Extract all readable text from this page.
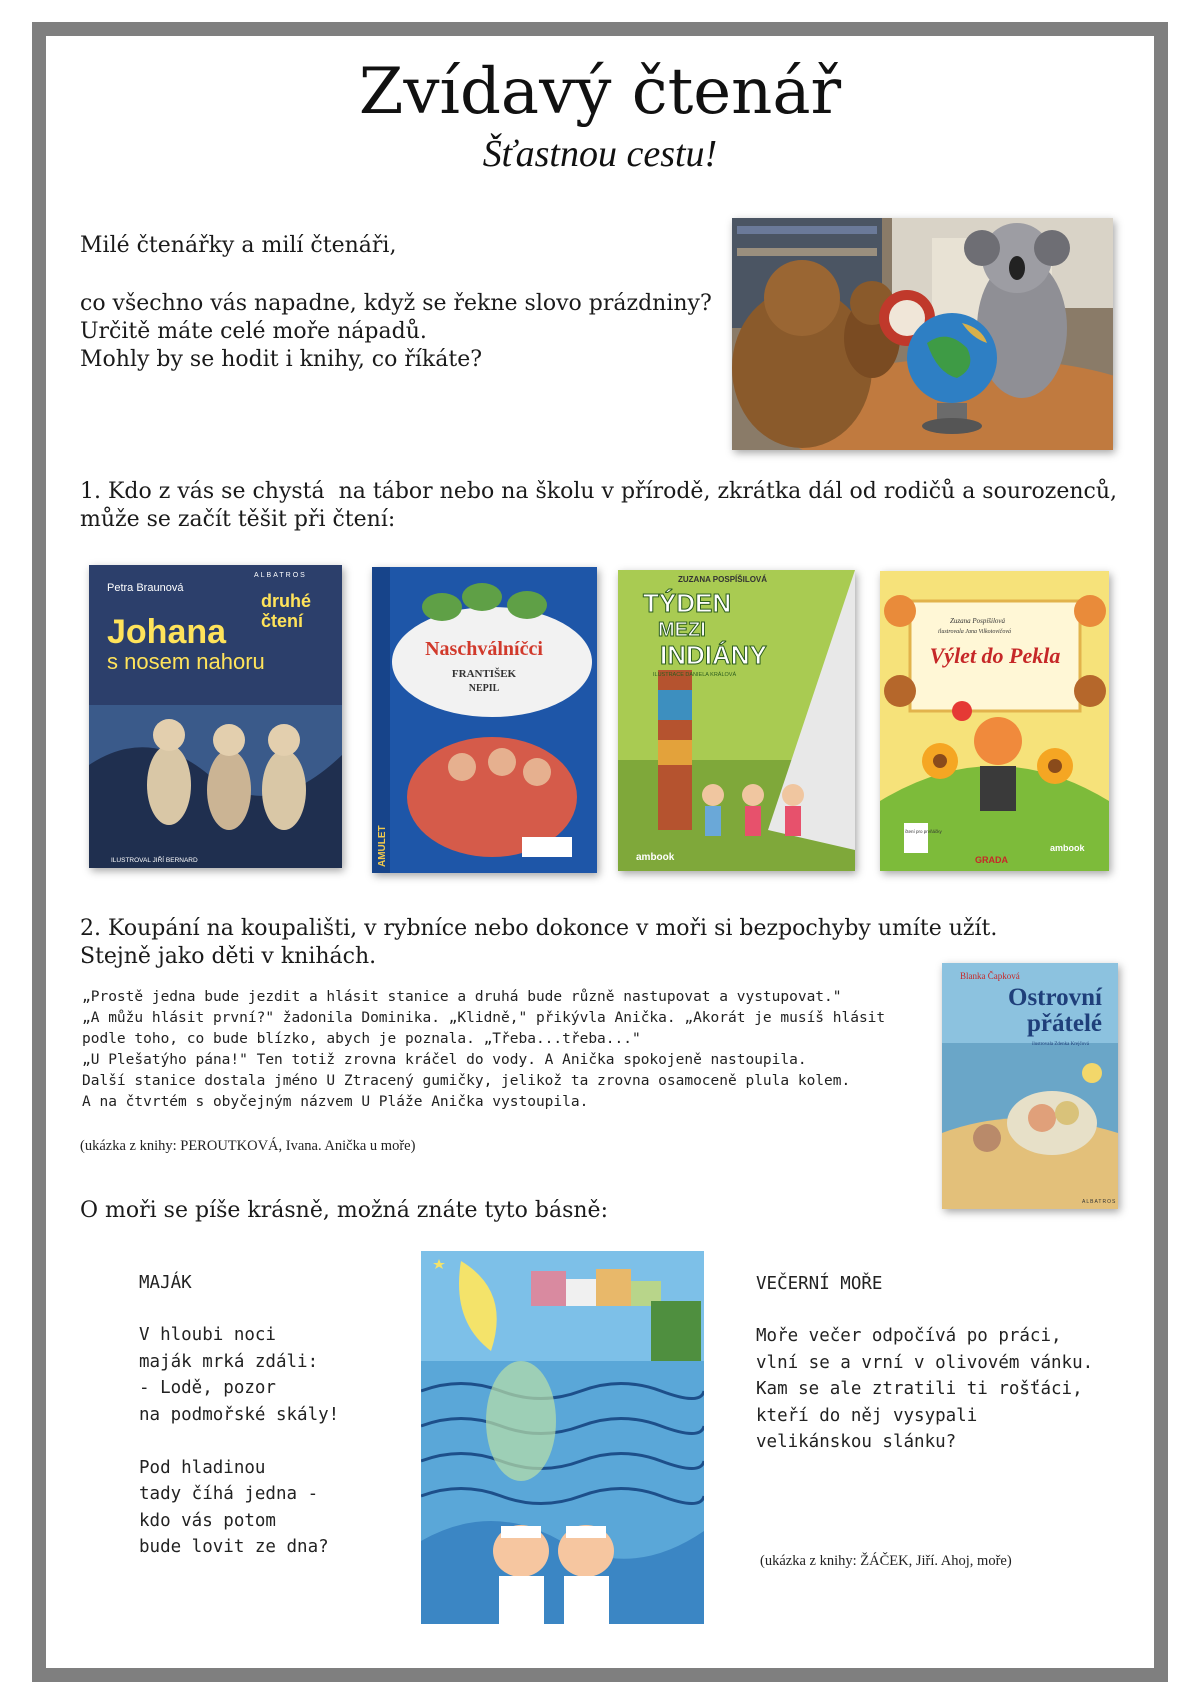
Zvídavý čtenář
Šťastnou cestu!
Milé čtenářky a milí čtenáři,
co všechno vás napadne, když se řekne slovo prázdniny?
Určitě máte celé moře nápadů.
Mohly by se hodit i knihy, co říkáte?
1. Kdo z vás se chystá  na tábor nebo na školu v přírodě, zkrátka dál od rodičů a sourozenců,
může se začít těšit při čtení:
Petra Braunová
ALBATROS
druhé
čtení
Johana
s nosem nahoru
ILUSTROVAL JIŘÍ BERNARD	AMULET
Naschválníčci
FRANTIŠEK
NEPIL
ZUZANA POSPÍŠILOVÁ
TÝDEN
MEZI
INDIÁNY
ILUSTRACE DANIELA KRÁLOVÁ
ambook
Zuzana Pospíšilová
ilustrovala Jana Vilkotovičová
Výlet do Pekla
čtení pro prvňáčky
GRADA
ambook
2. Koupání na koupališti, v rybníce nebo dokonce v moři si bezpochyby umíte užít.
Stejně jako děti v knihách.
„Prostě jedna bude jezdit a hlásit stanice a druhá bude různě nastupovat a vystupovat."
„A můžu hlásit první?" žadonila Dominika. „Klidně," přikývla Anička. „Akorát je musíš hlásit
podle toho, co bude blízko, abych je poznala. „Třeba...třeba..."
„U Plešatýho pána!" Ten totiž zrovna kráčel do vody. A Anička spokojeně nastoupila.
Další stanice dostala jméno U Ztracený gumičky, jelikož ta zrovna osamoceně plula kolem.
A na čtvrtém s obyčejným názvem U Pláže Anička vystoupila.
(ukázka z knihy: PEROUTKOVÁ, Ivana. Anička u moře)
Blanka Čapková
Ostrovní
přátelé
ilustrovala Zdenka Krejčová
ALBATROS
O moři se píše krásně, možná znáte tyto básně:
MAJÁK
V hloubi noci
maják mrká zdáli:
- Lodě, pozor
na podmořské skály!
Pod hladinou
tady číhá jedna -
kdo vás potom
bude lovit ze dna?
VEČERNÍ MOŘE
Moře večer odpočívá po práci,
vlní se a vrní v olivovém vánku.
Kam se ale ztratili ti rošťáci,
kteří do něj vysypali
velikánskou slánku?
(ukázka z knihy: ŽÁČEK, Jiří. Ahoj, moře)
